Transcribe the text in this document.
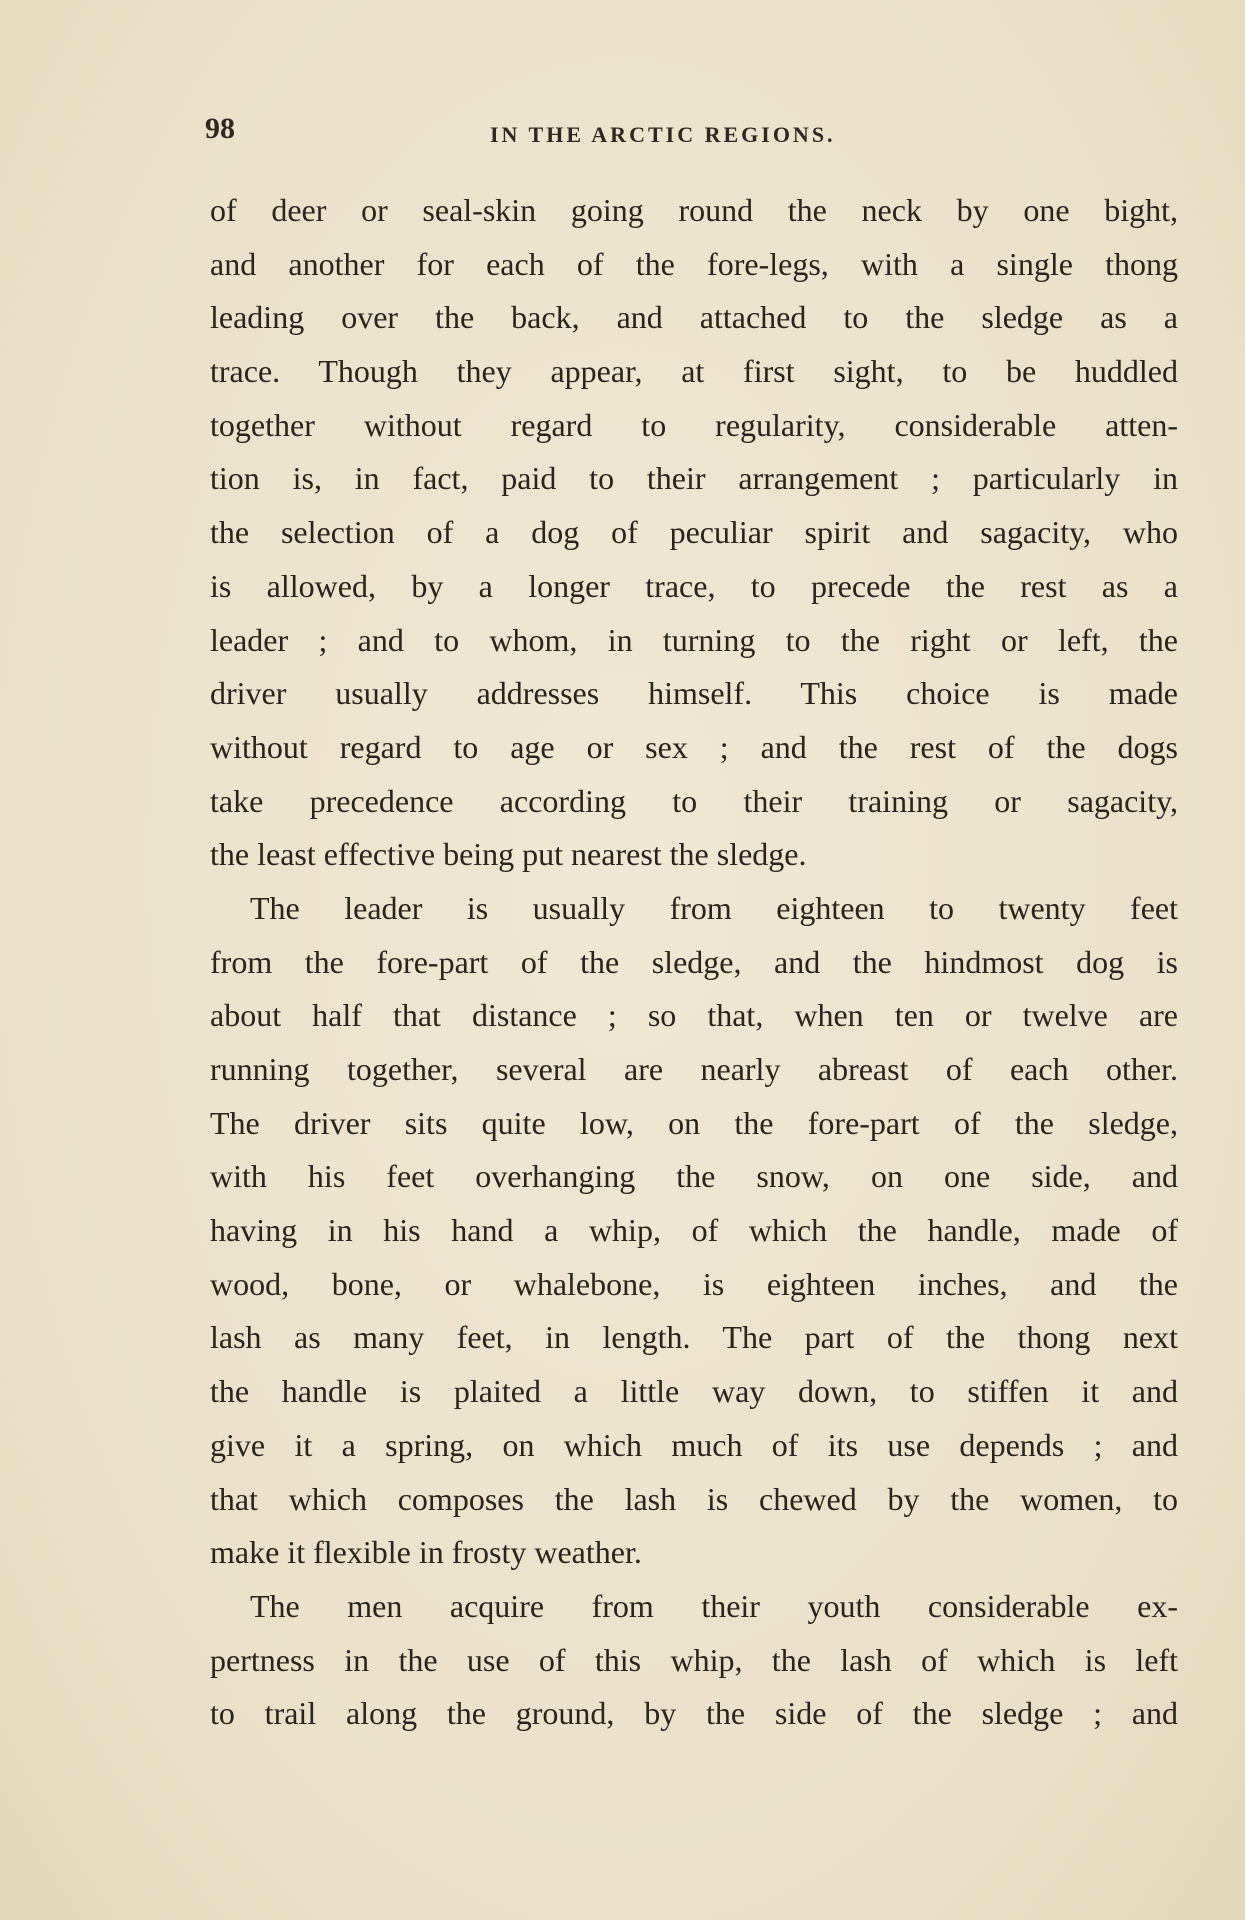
98	IN THE ARCTIC REGIONS.
of deer or seal-skin going round the neck by one bight,
and another for each of the fore-legs, with a single thong
leading over the back, and attached to the sledge as a
trace. Though they appear, at first sight, to be huddled
together without regard to regularity, considerable atten-
tion is, in fact, paid to their arrangement ; particularly in
the selection of a dog of peculiar spirit and sagacity, who
is allowed, by a longer trace, to precede the rest as a
leader ; and to whom, in turning to the right or left, the
driver usually addresses himself. This choice is made
without regard to age or sex ; and the rest of the dogs
take precedence according to their training or sagacity,
the least effective being put nearest the sledge.
The leader is usually from eighteen to twenty feet
from the fore-part of the sledge, and the hindmost dog is
about half that distance ; so that, when ten or twelve are
running together, several are nearly abreast of each other.
The driver sits quite low, on the fore-part of the sledge,
with his feet overhanging the snow, on one side, and
having in his hand a whip, of which the handle, made of
wood, bone, or whalebone, is eighteen inches, and the
lash as many feet, in length. The part of the thong next
the handle is plaited a little way down, to stiffen it and
give it a spring, on which much of its use depends ; and
that which composes the lash is chewed by the women, to
make it flexible in frosty weather.
The men acquire from their youth considerable ex-
pertness in the use of this whip, the lash of which is left
to trail along the ground, by the side of the sledge ; and
